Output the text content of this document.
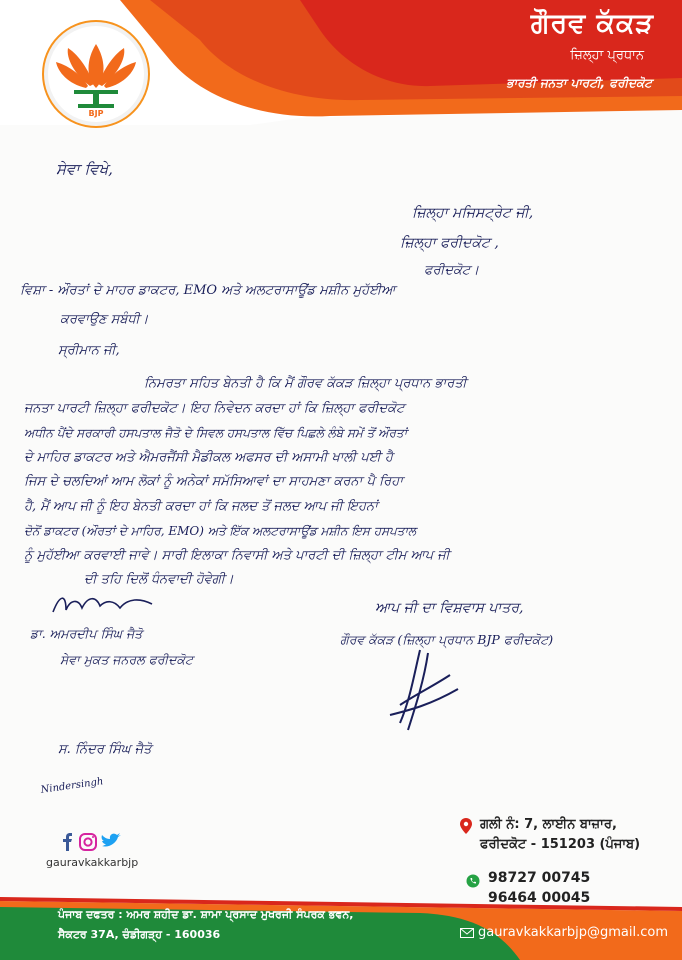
BJP
ਗੌਰਵ ਕੱਕੜ
ਜ਼ਿਲ੍ਹਾ ਪ੍ਰਧਾਨ
ਭਾਰਤੀ ਜਨਤਾ ਪਾਰਟੀ, ਫਰੀਦਕੋਟ
ਸੇਵਾ ਵਿਖੇ,
ਜ਼ਿਲ੍ਹਾ ਮਜਿਸਟ੍ਰੇਟ ਜੀ,
ਜ਼ਿਲ੍ਹਾ ਫਰੀਦਕੋਟ ,
ਫਰੀਦਕੋਟ।
ਵਿਸ਼ਾ - ਔਰਤਾਂ ਦੇ ਮਾਹਰ ਡਾਕਟਰ, EMO ਅਤੇ ਅਲਟਰਾਸਾਊਂਡ ਮਸ਼ੀਨ ਮੁਹੱਈਆ
ਕਰਵਾਉਣ ਸਬੰਧੀ।
ਸ੍ਰੀਮਾਨ ਜੀ,
ਨਿਮਰਤਾ ਸਹਿਤ ਬੇਨਤੀ ਹੈ ਕਿ ਮੈਂ ਗੌਰਵ ਕੱਕੜ ਜ਼ਿਲ੍ਹਾ ਪ੍ਰਧਾਨ ਭਾਰਤੀ
ਜਨਤਾ ਪਾਰਟੀ ਜ਼ਿਲ੍ਹਾ ਫਰੀਦਕੋਟ। ਇਹ ਨਿਵੇਦਨ ਕਰਦਾ ਹਾਂ ਕਿ ਜ਼ਿਲ੍ਹਾ ਫਰੀਦਕੋਟ
ਅਧੀਨ ਪੈਂਦੇ ਸਰਕਾਰੀ ਹਸਪਤਾਲ ਜੈਤੋ ਦੇ ਸਿਵਲ ਹਸਪਤਾਲ ਵਿੱਚ ਪਿਛਲੇ ਲੰਬੇ ਸਮੇਂ ਤੋਂ ਔਰਤਾਂ
ਦੇ ਮਾਹਿਰ ਡਾਕਟਰ ਅਤੇ ਐਮਰਜੈਂਸੀ ਮੈਡੀਕਲ ਅਫਸਰ ਦੀ ਅਸਾਮੀ ਖਾਲੀ ਪਈ ਹੈ
ਜਿਸ ਦੇ ਚਲਦਿਆਂ ਆਮ ਲੋਕਾਂ ਨੂੰ ਅਨੇਕਾਂ ਸਮੱਸਿਆਵਾਂ ਦਾ ਸਾਹਮਣਾ ਕਰਨਾ ਪੈ ਰਿਹਾ
ਹੈ, ਮੈਂ ਆਪ ਜੀ ਨੂੰ ਇਹ ਬੇਨਤੀ ਕਰਦਾ ਹਾਂ ਕਿ ਜਲਦ ਤੋਂ ਜਲਦ ਆਪ ਜੀ ਇਹਨਾਂ
ਦੋਨੋਂ ਡਾਕਟਰ (ਔਰਤਾਂ ਦੇ ਮਾਹਿਰ, EMO) ਅਤੇ ਇੱਕ ਅਲਟਰਾਸਾਊਂਡ ਮਸ਼ੀਨ ਇਸ ਹਸਪਤਾਲ
ਨੂੰ ਮੁਹੱਈਆ ਕਰਵਾਈ ਜਾਵੇ। ਸਾਰੀ ਇਲਾਕਾ ਨਿਵਾਸੀ ਅਤੇ ਪਾਰਟੀ ਦੀ ਜ਼ਿਲ੍ਹਾ ਟੀਮ ਆਪ ਜੀ
ਦੀ ਤਹਿ ਦਿਲੋਂ ਧੰਨਵਾਦੀ ਹੋਵੇਗੀ।
ਆਪ ਜੀ ਦਾ ਵਿਸ਼ਵਾਸ ਪਾਤਰ,
ਗੌਰਵ ਕੱਕੜ (ਜ਼ਿਲ੍ਹਾ ਪ੍ਰਧਾਨ BJP ਫਰੀਦਕੋਟ)
ਡਾ. ਅਮਰਦੀਪ ਸਿੰਘ ਜੈਤੋ
ਸੇਵਾ ਮੁਕਤ ਜਨਰਲ ਫਰੀਦਕੋਟ
ਸ. ਨਿੰਦਰ ਸਿੰਘ ਜੈਤੋ
Nindersingh
gauravkakkarbjp
ਗਲੀ ਨੰ: 7, ਲਾਈਨ ਬਾਜ਼ਾਰ,
ਫਰੀਦਕੋਟ - 151203 (ਪੰਜਾਬ)
98727 00745
96464 00045
ਪੰਜਾਬ ਦਫਤਰ : ਅਮਰ ਸ਼ਹੀਦ ਡਾ. ਸ਼ਾਮਾ ਪ੍ਰਸਾਦ ਮੁਖਰਜੀ ਸੰਪਰਕ ਭਵਨ,
ਸੈਕਟਰ 37A, ਚੰਡੀਗੜ੍ਹ - 160036	gauravkakkarbjp@gmail.com
